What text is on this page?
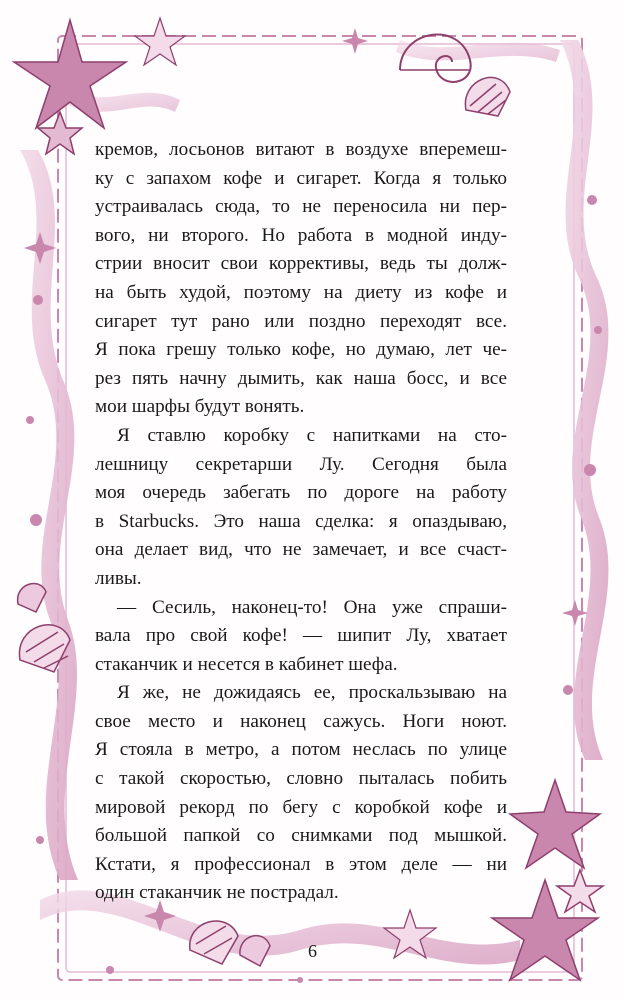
кремов, лосьонов витают в воздухе вперемеш-
ку с запахом кофе и сигарет. Когда я только
устраивалась сюда, то не переносила ни пер-
вого, ни второго. Но работа в модной инду-
стрии вносит свои коррективы, ведь ты долж-
на быть худой, поэтому на диету из кофе и
сигарет тут рано или поздно переходят все.
Я пока грешу только кофе, но думаю, лет че-
рез пять начну дымить, как наша босс, и все
мои шарфы будут вонять.

Я ставлю коробку с напитками на сто-
лешницу секретарши Лу. Сегодня была
моя очередь забегать по дороге на работу
в Starbucks. Это наша сделка: я опаздываю,
она делает вид, что не замечает, и все счаст-
ливы.

— Сесиль, наконец-то! Она уже спраши-
вала про свой кофе! — шипит Лу, хватает
стаканчик и несется в кабинет шефа.

Я же, не дожидаясь ее, проскальзываю на
свое место и наконец сажусь. Ноги ноют.
Я стояла в метро, а потом неслась по улице
с такой скоростью, словно пыталась побить
мировой рекорд по бегу с коробкой кофе и
большой папкой со снимками под мышкой.
Кстати, я профессионал в этом деле — ни
один стаканчик не пострадал.

6
